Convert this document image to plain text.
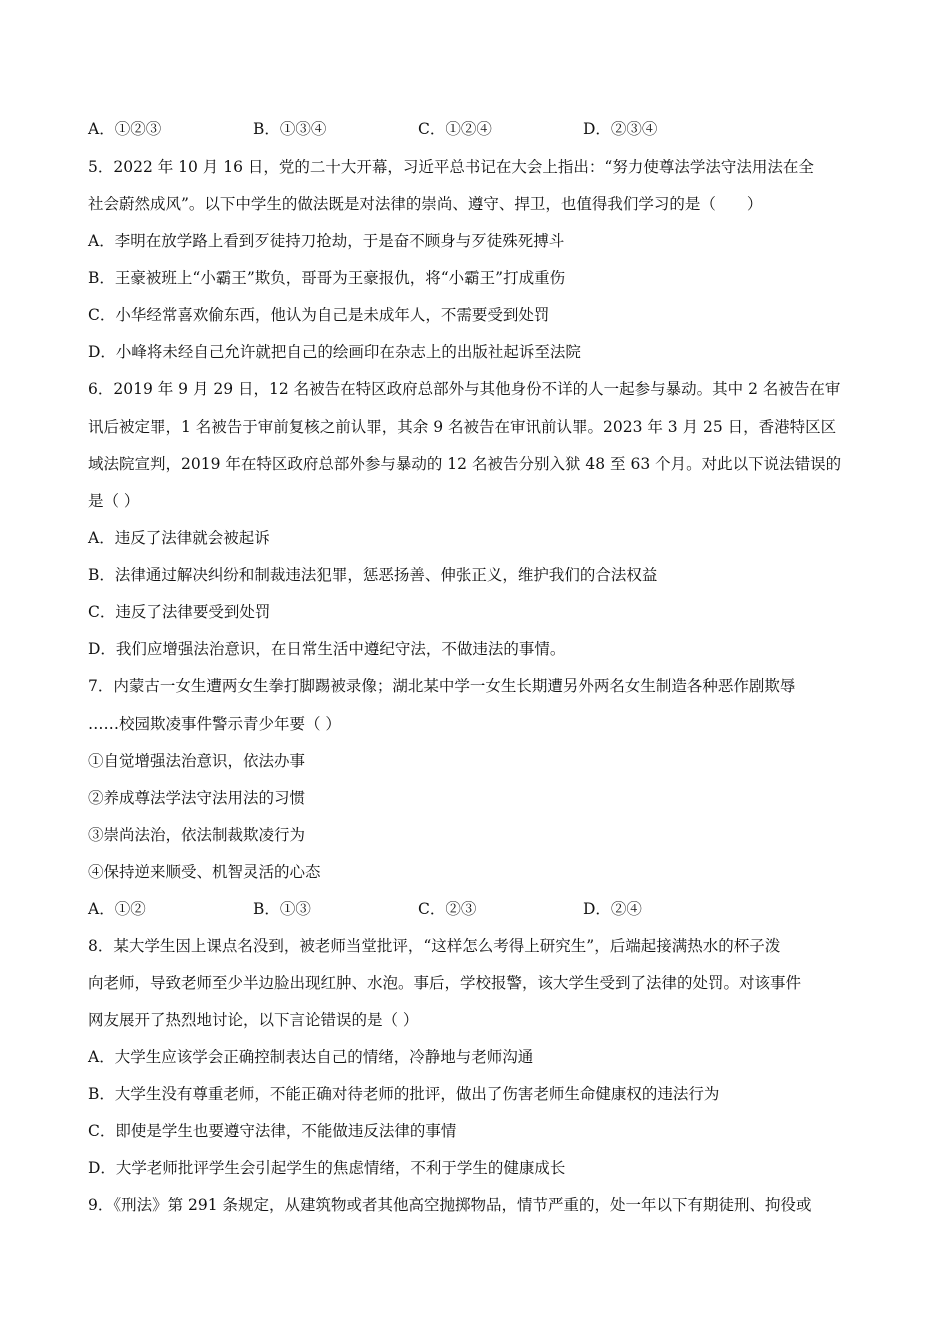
A．①②③	B．①③④	C．①②④	D．②③④
5．2022 年 10 月 16 日，党的二十大开幕，习近平总书记在大会上指出：“努力使尊法学法守法用法在全
社会蔚然成风”。以下中学生的做法既是对法律的崇尚、遵守、捍卫，也值得我们学习的是（　　）
A．李明在放学路上看到歹徒持刀抢劫，于是奋不顾身与歹徒殊死搏斗
B．王豪被班上“小霸王”欺负，哥哥为王豪报仇，将“小霸王”打成重伤
C．小华经常喜欢偷东西，他认为自己是未成年人，不需要受到处罚
D．小峰将未经自己允许就把自己的绘画印在杂志上的出版社起诉至法院
6．2019 年 9 月 29 日，12 名被告在特区政府总部外与其他身份不详的人一起参与暴动。其中 2 名被告在审
讯后被定罪，1 名被告于审前复核之前认罪，其余 9 名被告在审讯前认罪。2023 年 3 月 25 日，香港特区区
域法院宣判，2019 年在特区政府总部外参与暴动的 12 名被告分别入狱 48 至 63 个月。对此以下说法错误的
是（ ）
A．违反了法律就会被起诉
B．法律通过解决纠纷和制裁违法犯罪，惩恶扬善、伸张正义，维护我们的合法权益
C．违反了法律要受到处罚
D．我们应增强法治意识，在日常生活中遵纪守法，不做违法的事情。
7．内蒙古一女生遭两女生拳打脚踢被录像；湖北某中学一女生长期遭另外两名女生制造各种恶作剧欺辱
……校园欺凌事件警示青少年要（ ）
①自觉增强法治意识，依法办事
②养成尊法学法守法用法的习惯
③崇尚法治，依法制裁欺凌行为
④保持逆来顺受、机智灵活的心态
A．①②	B．①③	C．②③	D．②④
8．某大学生因上课点名没到，被老师当堂批评，“这样怎么考得上研究生”，后端起接满热水的杯子泼
向老师，导致老师至少半边脸出现红肿、水泡。事后，学校报警，该大学生受到了法律的处罚。对该事件
网友展开了热烈地讨论，以下言论错误的是（ ）
A．大学生应该学会正确控制表达自己的情绪，冷静地与老师沟通
B．大学生没有尊重老师，不能正确对待老师的批评，做出了伤害老师生命健康权的违法行为
C．即使是学生也要遵守法律，不能做违反法律的事情
D．大学老师批评学生会引起学生的焦虑情绪，不利于学生的健康成长
9．《刑法》第 291 条规定，从建筑物或者其他高空抛掷物品，情节严重的，处一年以下有期徒刑、拘役或
